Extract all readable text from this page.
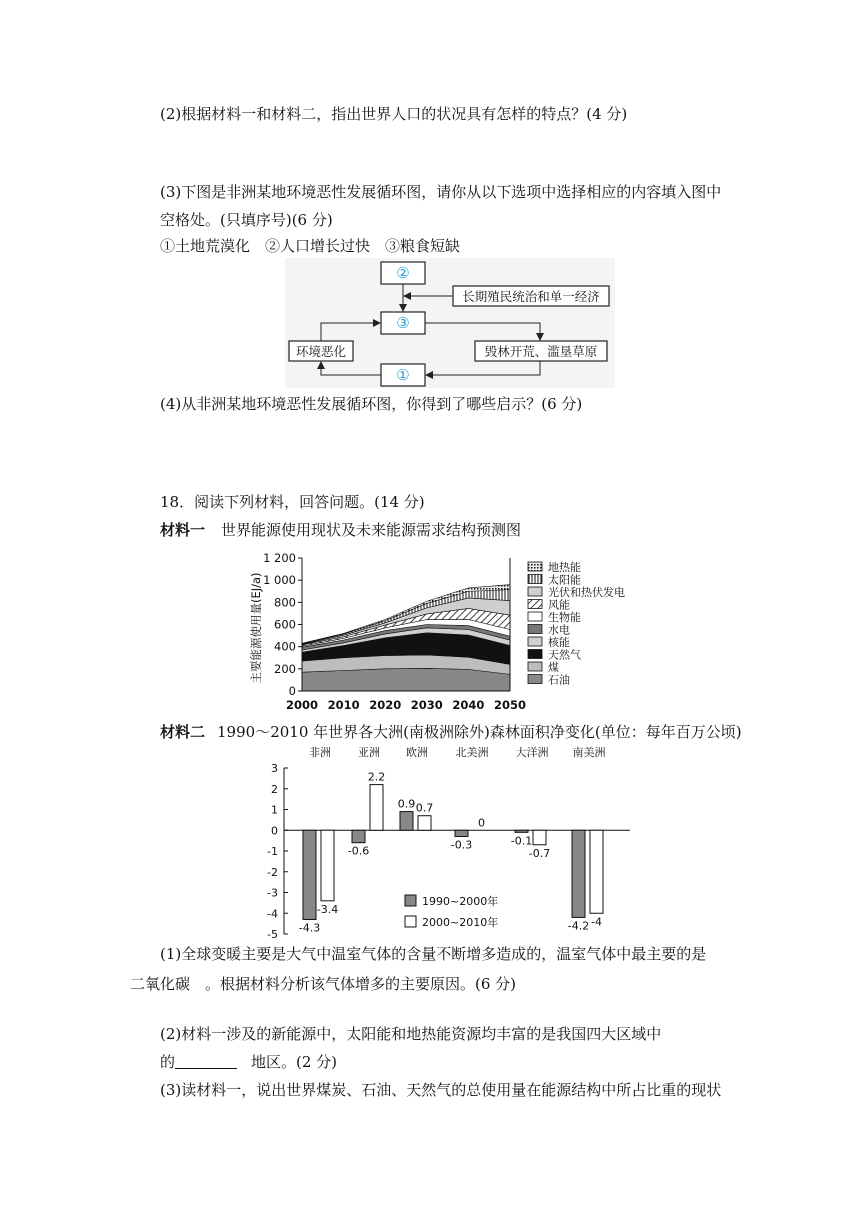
(2)根据材料一和材料二，指出世界人口的状况具有怎样的特点？(4 分)
(3)下图是非洲某地环境恶性发展循环图，请你从以下选项中选择相应的内容填入图中
空格处。(只填序号)(6 分)
①土地荒漠化　②人口增长过快　③粮食短缺
②
长期殖民统治和单一经济
③
环境恶化	毁林开荒、滥垦草原
①
(4)从非洲某地环境恶性发展循环图，你得到了哪些启示？(6 分)
18．阅读下列材料，回答问题。(14 分)
材料一 世界能源使用现状及未来能源需求结构预测图
主要能源使用量(EJ/a)
0
200
400
600
800
1 000
1 200
2000 2010 2020 2030 2040 2050
地热能
太阳能
光伏和热伏发电
风能
生物能
水电
核能
天然气
煤
石油
材料二 1990～2010 年世界各大洲(南极洲除外)森林面积净变化(单位：每年百万公顷)
非洲 亚洲 欧洲	北美洲 大洋洲 南美洲
3
2
1
0
-1
-2
-3
-4
-5
-4.3
-3.4
-0.6
2.2
0.9 0.7
-0.3
0
-0.1
-0.7
-4.2 -4
1990~2000年
2000~2010年
(1)全球变暖主要是大气中温室气体的含量不断增多造成的，温室气体中最主要的是
二氧化碳　。根据材料分析该气体增多的主要原因。(6 分)
(2)材料一涉及的新能源中，太阳能和地热能资源均丰富的是我国四大区域中
的	地区。(2 分)
(3)读材料一，说出世界煤炭、石油、天然气的总使用量在能源结构中所占比重的现状
